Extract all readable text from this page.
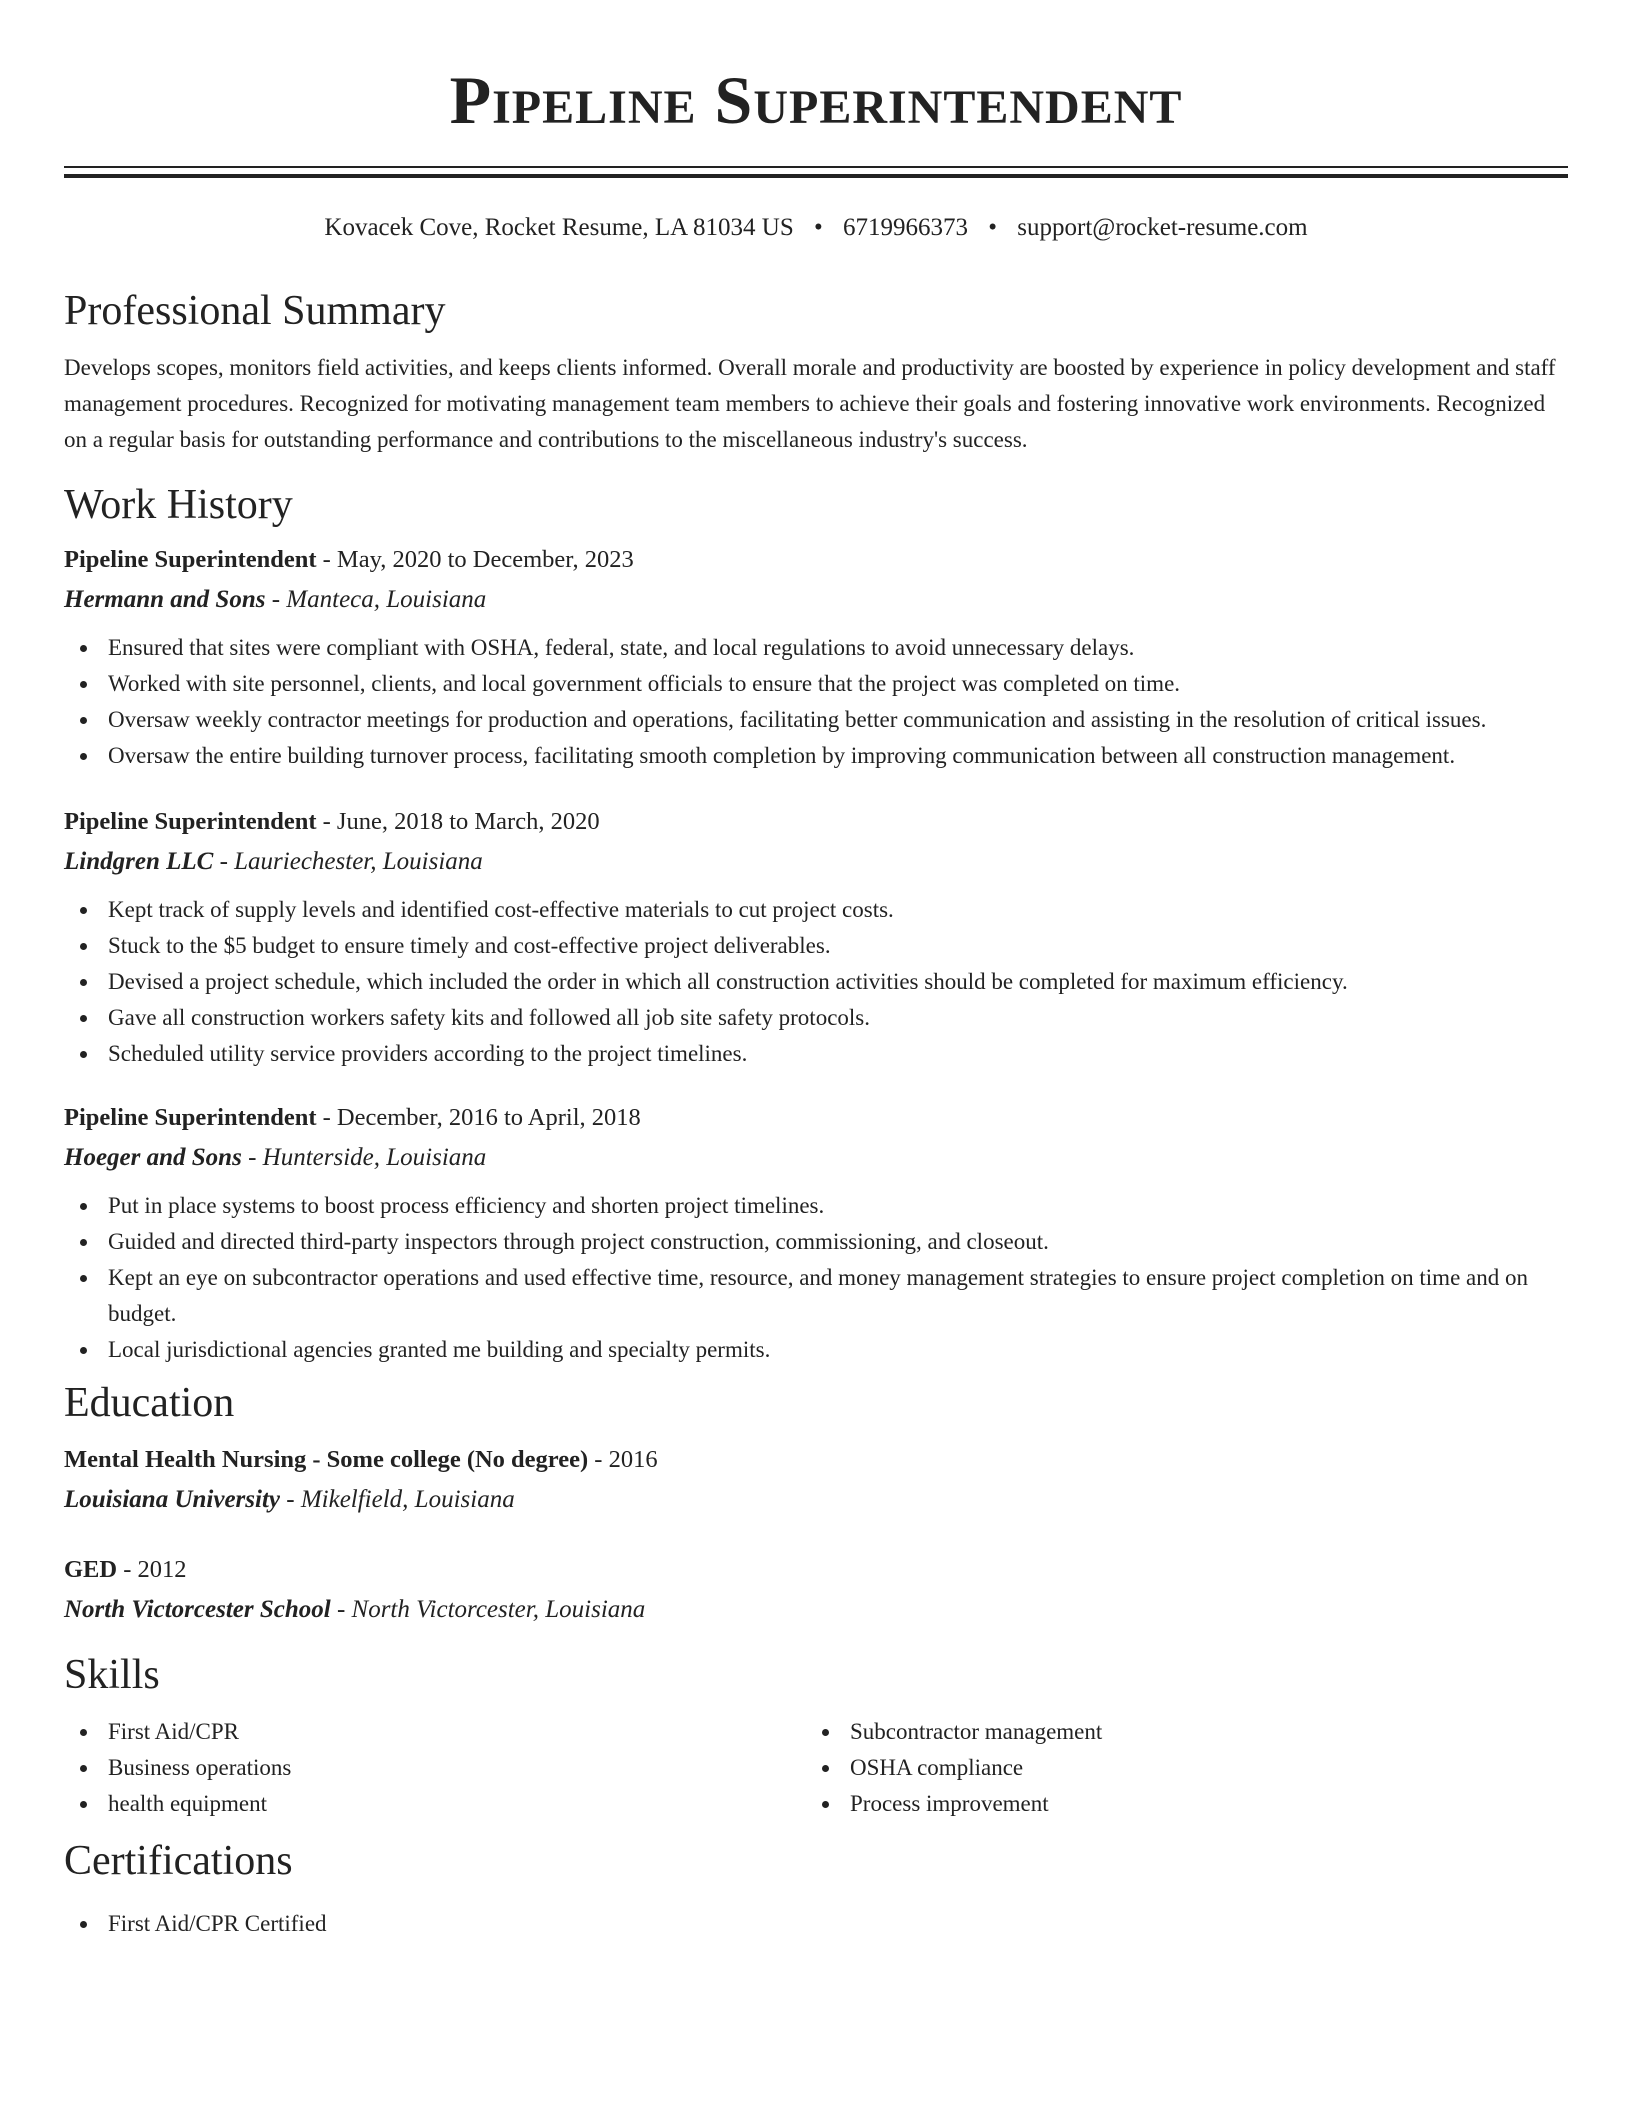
Pipeline Superintendent
Kovacek Cove, Rocket Resume, LA 81034 US • 6719966373 • support@rocket-resume.com
Professional Summary

Develops scopes, monitors field activities, and keeps clients informed. Overall morale and productivity are boosted by experience in policy development and staff management procedures. Recognized for motivating management team members to achieve their goals and fostering innovative work environments. Recognized on a regular basis for outstanding performance and contributions to the miscellaneous industry's success.

Work History
Pipeline Superintendent - May, 2020 to December, 2023
Hermann and Sons - Manteca, Louisiana
Ensured that sites were compliant with OSHA, federal, state, and local regulations to avoid unnecessary delays.
Worked with site personnel, clients, and local government officials to ensure that the project was completed on time.
Oversaw weekly contractor meetings for production and operations, facilitating better communication and assisting in the resolution of critical issues.
Oversaw the entire building turnover process, facilitating smooth completion by improving communication between all construction management.
Pipeline Superintendent - June, 2018 to March, 2020
Lindgren LLC - Lauriechester, Louisiana
Kept track of supply levels and identified cost-effective materials to cut project costs.
Stuck to the $5 budget to ensure timely and cost-effective project deliverables.
Devised a project schedule, which included the order in which all construction activities should be completed for maximum efficiency.
Gave all construction workers safety kits and followed all job site safety protocols.
Scheduled utility service providers according to the project timelines.
Pipeline Superintendent - December, 2016 to April, 2018
Hoeger and Sons - Hunterside, Louisiana
Put in place systems to boost process efficiency and shorten project timelines.
Guided and directed third-party inspectors through project construction, commissioning, and closeout.
Kept an eye on subcontractor operations and used effective time, resource, and money management strategies to ensure project completion on time and on budget.
Local jurisdictional agencies granted me building and specialty permits.
Education
Mental Health Nursing - Some college (No degree) - 2016
Louisiana University - Mikelfield, Louisiana
GED - 2012
North Victorcester School - North Victorcester, Louisiana
Skills
First Aid/CPR
Business operations
health equipment
Subcontractor management
OSHA compliance
Process improvement
Certifications
First Aid/CPR Certified
